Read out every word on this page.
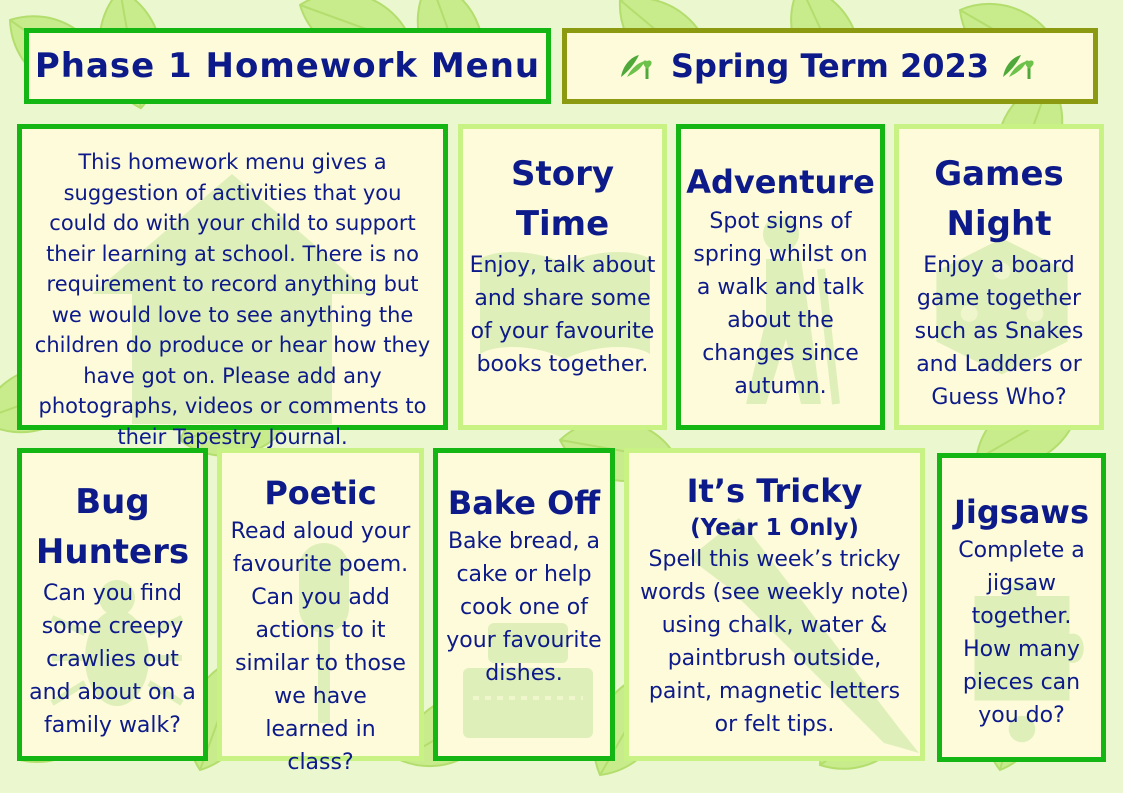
Phase 1 Homework Menu	Spring Term 2023
This homework menu gives a suggestion of activities that you could do with your child to support their learning at school. There is no requirement to record anything but we would love to see anything the children do produce or hear how they have got on. Please add any photographs, videos or comments to their Tapestry Journal.
Story Time
Enjoy, talk about and share some of your favourite books together.
Adventure
Spot signs of spring whilst on a walk and talk about the changes since autumn.
Games Night
Enjoy a board game together such as Snakes and Ladders or Guess Who?
Bug Hunters
Can you find some creepy crawlies out and about on a family walk?
Poetic
Read aloud your favourite poem. Can you add actions to it similar to those we have learned in class?
Bake Off
Bake bread, a cake or help cook one of your favourite dishes.
It’s Tricky
(Year 1 Only)
Spell this week’s tricky words (see weekly note) using chalk, water & paintbrush outside, paint, magnetic letters or felt tips.
Jigsaws
Complete a jigsaw together. How many pieces can you do?
